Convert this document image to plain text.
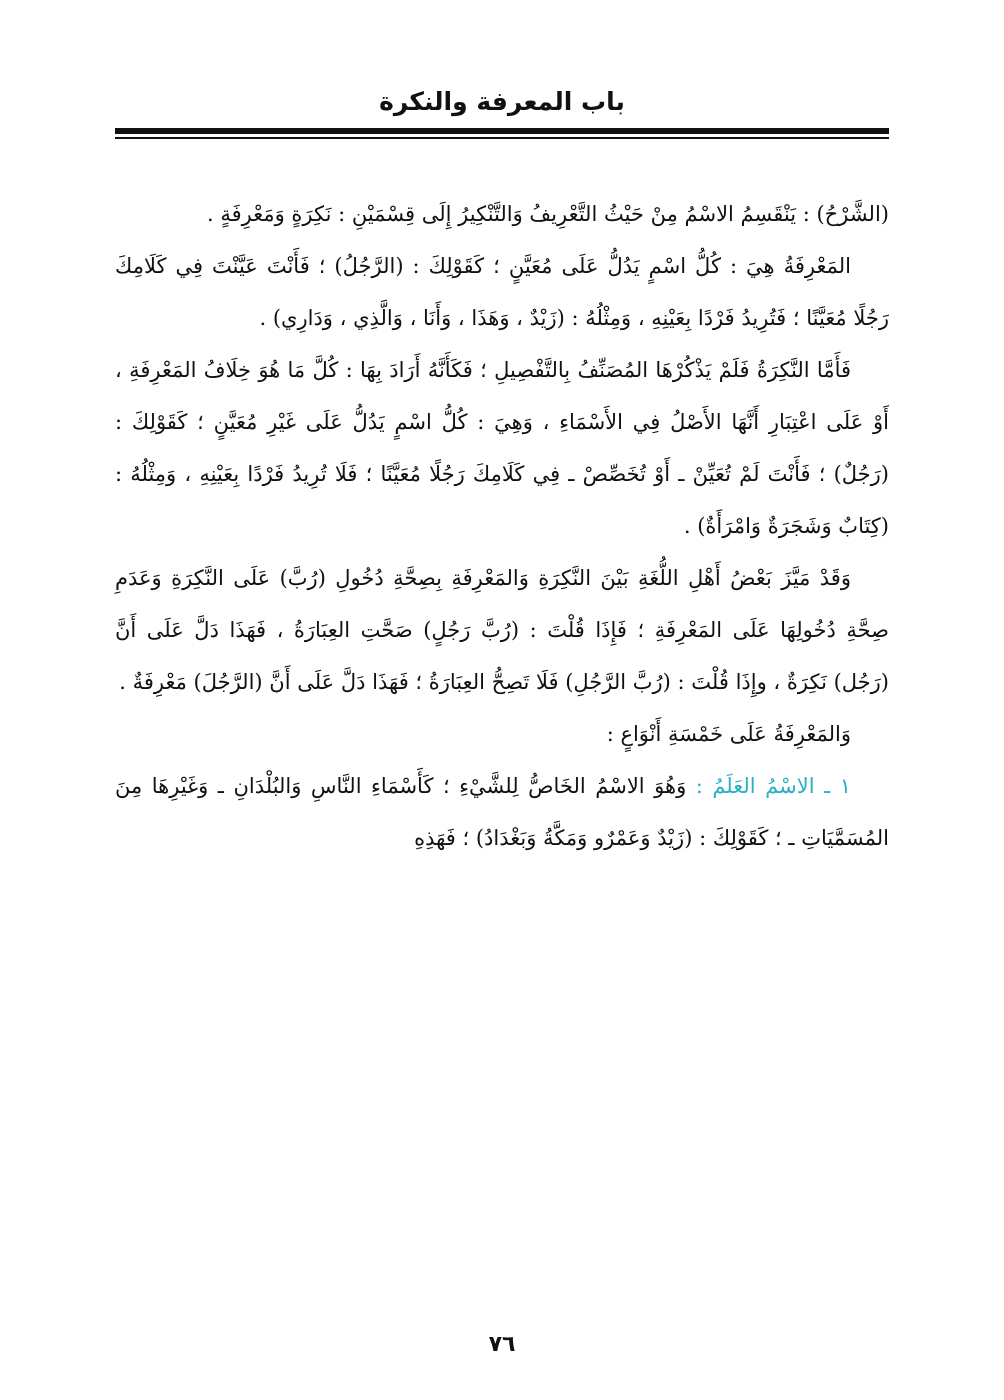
باب المعرفة والنكرة

(الشَّرْحُ) : يَنْقَسِمُ الاسْمُ مِنْ حَيْثُ التَّعْرِيفُ وَالتَّنْكِيرُ إِلَى قِسْمَيْنِ : نَكِرَةٍ وَمَعْرِفَةٍ .

المَعْرِفَةُ هِيَ : كُلُّ اسْمٍ يَدُلُّ عَلَى مُعَيَّنٍ ؛ كَقَوْلِكَ : (الرَّجُلُ) ؛ فَأَنْتَ عَيَّنْتَ فِي كَلَامِكَ رَجُلًا مُعَيَّنًا ؛ فَتُرِيدُ فَرْدًا بِعَيْنِهِ ، وَمِثْلُهُ : (زَيْدٌ ، وَهَذَا ، وَأَنَا ، وَالَّذِي ، وَدَارِي) .

فَأَمَّا النَّكِرَةُ فَلَمْ يَذْكُرْهَا المُصَنِّفُ بِالتَّفْصِيلِ ؛ فَكَأَنَّهُ أَرَادَ بِهَا : كُلَّ مَا هُوَ خِلَافُ المَعْرِفَةِ ، أَوْ عَلَى اعْتِبَارِ أَنَّهَا الأَصْلُ فِي الأَسْمَاءِ ، وَهِيَ : كُلُّ اسْمٍ يَدُلُّ عَلَى غَيْرِ مُعَيَّنٍ ؛ كَقَوْلِكَ : (رَجُلٌ) ؛ فَأَنْتَ لَمْ تُعَيِّنْ ـ أَوْ تُخَصِّصْ ـ فِي كَلَامِكَ رَجُلًا مُعَيَّنًا ؛ فَلَا تُرِيدُ فَرْدًا بِعَيْنِهِ ، وَمِثْلُهُ : (كِتَابٌ وَشَجَرَةٌ وَامْرَأَةٌ) .

وَقَدْ مَيَّزَ بَعْضُ أَهْلِ اللُّغَةِ بَيْنَ النَّكِرَةِ وَالمَعْرِفَةِ بِصِحَّةِ دُخُولِ (رُبَّ) عَلَى النَّكِرَةِ وَعَدَمِ صِحَّةِ دُخُولِهَا عَلَى المَعْرِفَةِ ؛ فَإِذَا قُلْتَ : (رُبَّ رَجُلٍ) صَحَّتِ العِبَارَةُ ، فَهَذَا دَلَّ عَلَى أَنَّ (رَجُل) نَكِرَةٌ ، وإِذَا قُلْتَ : (رُبَّ الرَّجُلِ) فَلَا تَصِحُّ العِبَارَةُ ؛ فَهَذَا دَلَّ عَلَى أَنَّ (الرَّجُلَ) مَعْرِفَةٌ .

وَالمَعْرِفَةُ عَلَى خَمْسَةِ أَنْوَاعٍ :

١ ـ الاسْمُ العَلَمُ : وَهُوَ الاسْمُ الخَاصُّ لِلشَّيْءِ ؛ كَأَسْمَاءِ النَّاسِ وَالبُلْدَانِ ـ وَغَيْرِهَا مِنَ المُسَمَّيَاتِ ـ ؛ كَقَوْلِكَ : (زَيْدٌ وَعَمْرٌو وَمَكَّةُ وَبَغْدَادُ) ؛ فَهَذِهِ

٧٦
